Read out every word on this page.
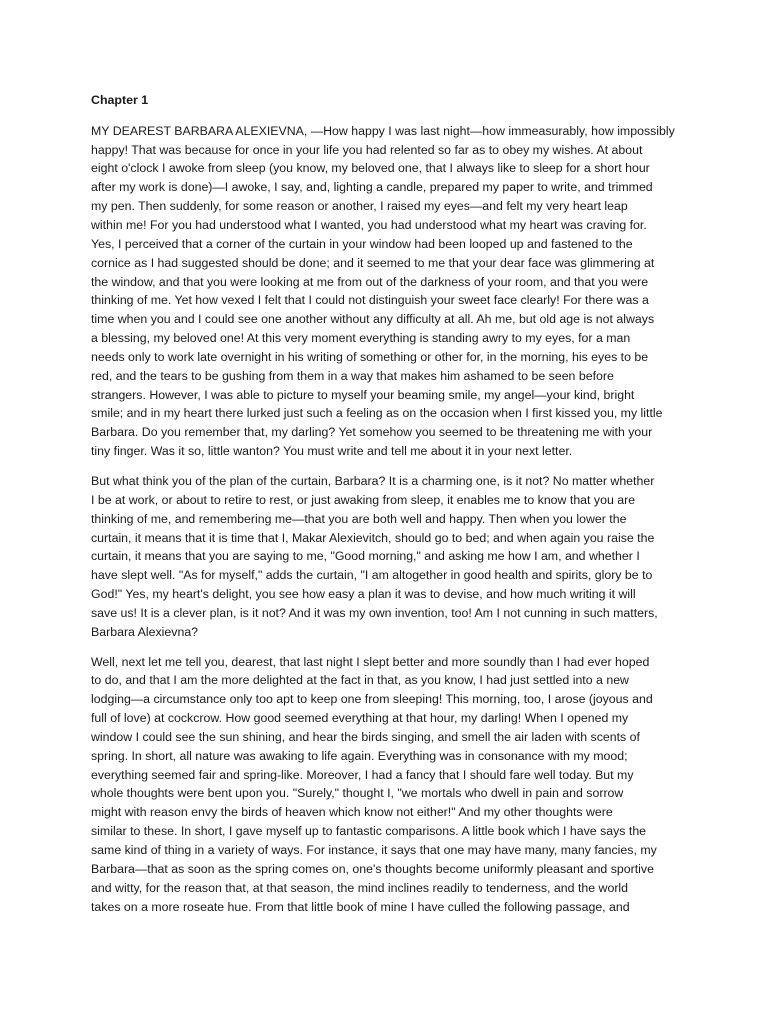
Chapter 1
MY DEAREST BARBARA ALEXIEVNA, —How happy I was last night—how immeasurably, how impossibly
happy! That was because for once in your life you had relented so far as to obey my wishes. At about
eight o'clock I awoke from sleep (you know, my beloved one, that I always like to sleep for a short hour
after my work is done)—I awoke, I say, and, lighting a candle, prepared my paper to write, and trimmed
my pen. Then suddenly, for some reason or another, I raised my eyes—and felt my very heart leap
within me! For you had understood what I wanted, you had understood what my heart was craving for.
Yes, I perceived that a corner of the curtain in your window had been looped up and fastened to the
cornice as I had suggested should be done; and it seemed to me that your dear face was glimmering at
the window, and that you were looking at me from out of the darkness of your room, and that you were
thinking of me. Yet how vexed I felt that I could not distinguish your sweet face clearly! For there was a
time when you and I could see one another without any difficulty at all. Ah me, but old age is not always
a blessing, my beloved one! At this very moment everything is standing awry to my eyes, for a man
needs only to work late overnight in his writing of something or other for, in the morning, his eyes to be
red, and the tears to be gushing from them in a way that makes him ashamed to be seen before
strangers. However, I was able to picture to myself your beaming smile, my angel—your kind, bright
smile; and in my heart there lurked just such a feeling as on the occasion when I first kissed you, my little
Barbara. Do you remember that, my darling? Yet somehow you seemed to be threatening me with your
tiny finger. Was it so, little wanton? You must write and tell me about it in your next letter.
But what think you of the plan of the curtain, Barbara? It is a charming one, is it not? No matter whether
I be at work, or about to retire to rest, or just awaking from sleep, it enables me to know that you are
thinking of me, and remembering me—that you are both well and happy. Then when you lower the
curtain, it means that it is time that I, Makar Alexievitch, should go to bed; and when again you raise the
curtain, it means that you are saying to me, "Good morning," and asking me how I am, and whether I
have slept well. "As for myself," adds the curtain, "I am altogether in good health and spirits, glory be to
God!" Yes, my heart's delight, you see how easy a plan it was to devise, and how much writing it will
save us! It is a clever plan, is it not? And it was my own invention, too! Am I not cunning in such matters,
Barbara Alexievna?
Well, next let me tell you, dearest, that last night I slept better and more soundly than I had ever hoped
to do, and that I am the more delighted at the fact in that, as you know, I had just settled into a new
lodging—a circumstance only too apt to keep one from sleeping! This morning, too, I arose (joyous and
full of love) at cockcrow. How good seemed everything at that hour, my darling! When I opened my
window I could see the sun shining, and hear the birds singing, and smell the air laden with scents of
spring. In short, all nature was awaking to life again. Everything was in consonance with my mood;
everything seemed fair and spring-like. Moreover, I had a fancy that I should fare well today. But my
whole thoughts were bent upon you. "Surely," thought I, "we mortals who dwell in pain and sorrow
might with reason envy the birds of heaven which know not either!" And my other thoughts were
similar to these. In short, I gave myself up to fantastic comparisons. A little book which I have says the
same kind of thing in a variety of ways. For instance, it says that one may have many, many fancies, my
Barbara—that as soon as the spring comes on, one's thoughts become uniformly pleasant and sportive
and witty, for the reason that, at that season, the mind inclines readily to tenderness, and the world
takes on a more roseate hue. From that little book of mine I have culled the following passage, and
